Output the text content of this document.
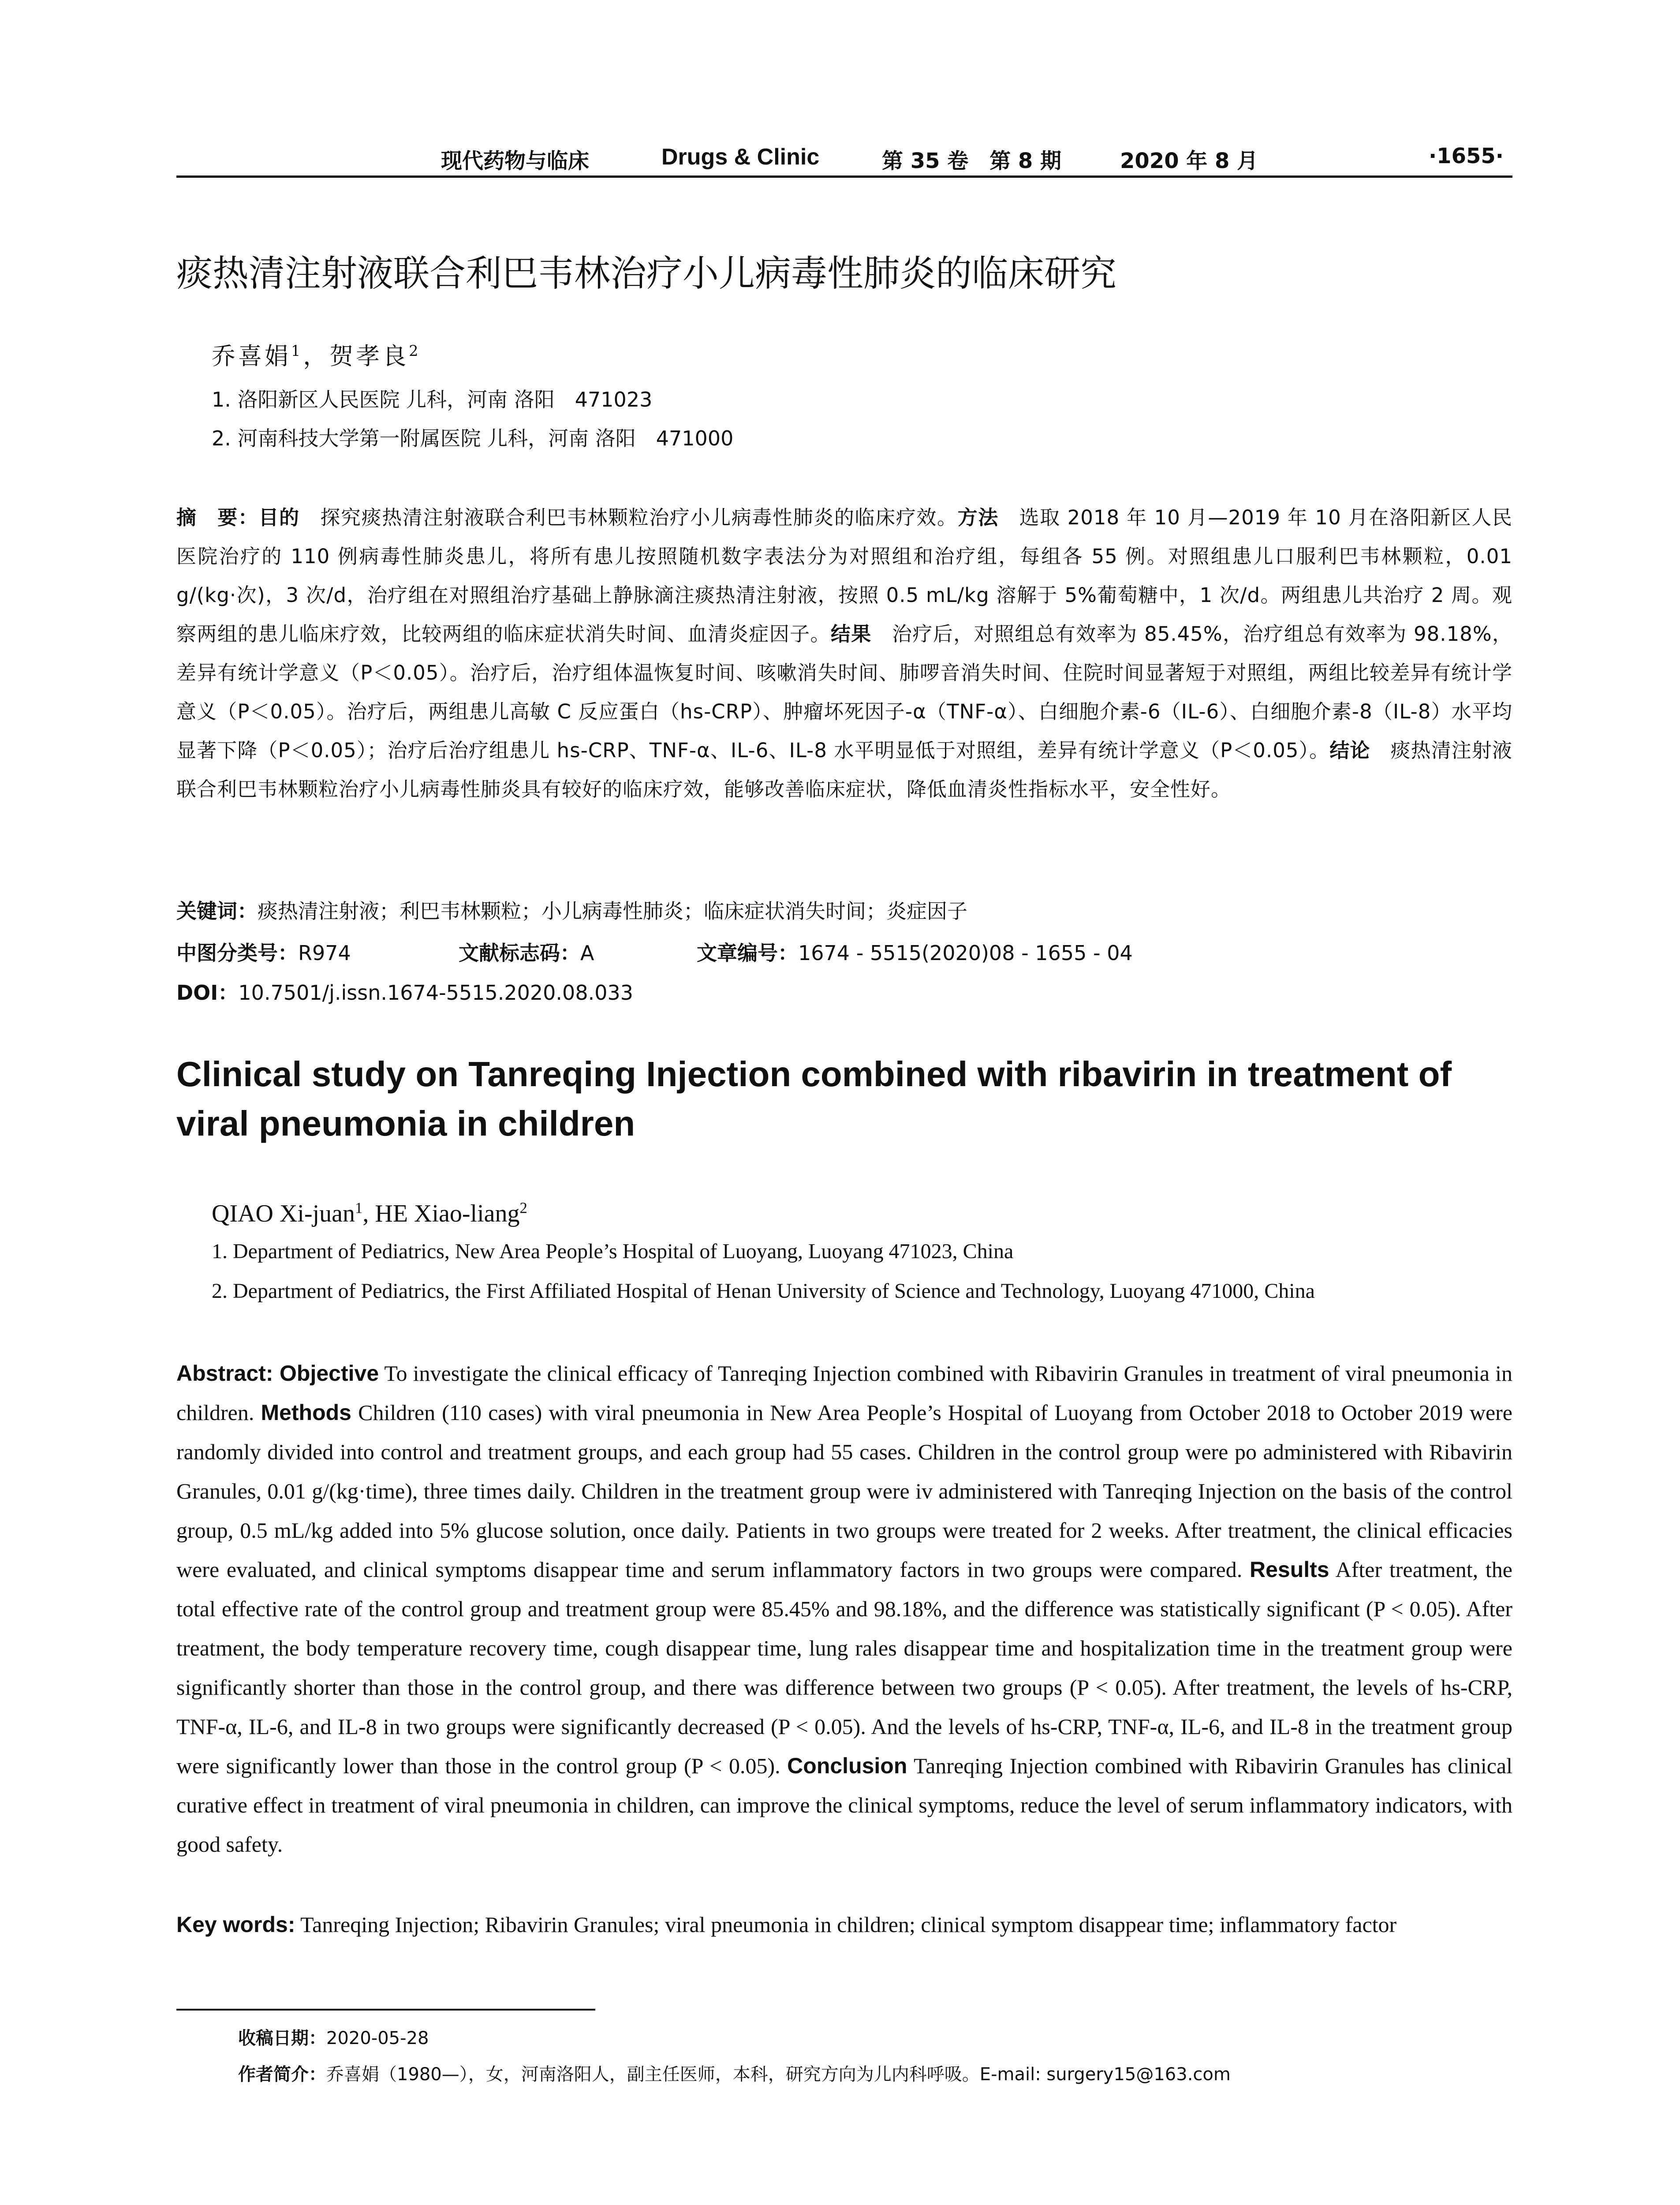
现代药物与临床	Drugs & Clinic	第 35 卷　第 8 期	2020 年 8 月	·1655·
痰热清注射液联合利巴韦林治疗小儿病毒性肺炎的临床研究
乔喜娟$^1$，贺孝良$^2$
1. 洛阳新区人民医院 儿科，河南 洛阳　471023
2. 河南科技大学第一附属医院 儿科，河南 洛阳　471000
摘　要：目的　探究痰热清注射液联合利巴韦林颗粒治疗小儿病毒性肺炎的临床疗效。方法　选取 2018 年 10 月—2019 年 10 月在洛阳新区人民医院治疗的 110 例病毒性肺炎患儿，将所有患儿按照随机数字表法分为对照组和治疗组，每组各 55 例。对照组患儿口服利巴韦林颗粒，0.01 g/(kg·次)，3 次/d，治疗组在对照组治疗基础上静脉滴注痰热清注射液，按照 0.5 mL/kg 溶解于 5%葡萄糖中，1 次/d。两组患儿共治疗 2 周。观察两组的患儿临床疗效，比较两组的临床症状消失时间、血清炎症因子。结果　治疗后，对照组总有效率为 85.45%，治疗组总有效率为 98.18%，差异有统计学意义（P＜0.05）。治疗后，治疗组体温恢复时间、咳嗽消失时间、肺啰音消失时间、住院时间显著短于对照组，两组比较差异有统计学意义（P＜0.05）。治疗后，两组患儿高敏 C 反应蛋白（hs-CRP）、肿瘤坏死因子-α（TNF-α）、白细胞介素-6（IL-6）、白细胞介素-8（IL-8）水平均显著下降（P＜0.05）；治疗后治疗组患儿 hs-CRP、TNF-α、IL-6、IL-8 水平明显低于对照组，差异有统计学意义（P＜0.05）。结论　痰热清注射液联合利巴韦林颗粒治疗小儿病毒性肺炎具有较好的临床疗效，能够改善临床症状，降低血清炎性指标水平，安全性好。
关键词：痰热清注射液；利巴韦林颗粒；小儿病毒性肺炎；临床症状消失时间；炎症因子
中图分类号：R974	文献标志码：A	文章编号：1674 - 5515(2020)08 - 1655 - 04
DOI：10.7501/j.issn.1674-5515.2020.08.033
Clinical study on Tanreqing Injection combined with ribavirin in treatment of viral pneumonia in children
QIAO Xi-juan$^1$, HE Xiao-liang$^2$
1. Department of Pediatrics, New Area People’s Hospital of Luoyang, Luoyang 471023, China
2. Department of Pediatrics, the First Affiliated Hospital of Henan University of Science and Technology, Luoyang 471000, China
Abstract: Objective To investigate the clinical efficacy of Tanreqing Injection combined with Ribavirin Granules in treatment of viral pneumonia in children. Methods Children (110 cases) with viral pneumonia in New Area People’s Hospital of Luoyang from October 2018 to October 2019 were randomly divided into control and treatment groups, and each group had 55 cases. Children in the control group were po administered with Ribavirin Granules, 0.01 g/(kg·time), three times daily. Children in the treatment group were iv administered with Tanreqing Injection on the basis of the control group, 0.5 mL/kg added into 5% glucose solution, once daily. Patients in two groups were treated for 2 weeks. After treatment, the clinical efficacies were evaluated, and clinical symptoms disappear time and serum inflammatory factors in two groups were compared. Results After treatment, the total effective rate of the control group and treatment group were 85.45% and 98.18%, and the difference was statistically significant (P < 0.05). After treatment, the body temperature recovery time, cough disappear time, lung rales disappear time and hospitalization time in the treatment group were significantly shorter than those in the control group, and there was difference between two groups (P < 0.05). After treatment, the levels of hs-CRP, TNF-α, IL-6, and IL-8 in two groups were significantly decreased (P < 0.05). And the levels of hs-CRP, TNF-α, IL-6, and IL-8 in the treatment group were significantly lower than those in the control group (P < 0.05). Conclusion Tanreqing Injection combined with Ribavirin Granules has clinical curative effect in treatment of viral pneumonia in children, can improve the clinical symptoms, reduce the level of serum inflammatory indicators, with good safety.
Key words: Tanreqing Injection; Ribavirin Granules; viral pneumonia in children; clinical symptom disappear time; inflammatory factor
收稿日期：2020-05-28
作者简介：乔喜娟（1980—），女，河南洛阳人，副主任医师，本科，研究方向为儿内科呼吸。E-mail: surgery15@163.com
